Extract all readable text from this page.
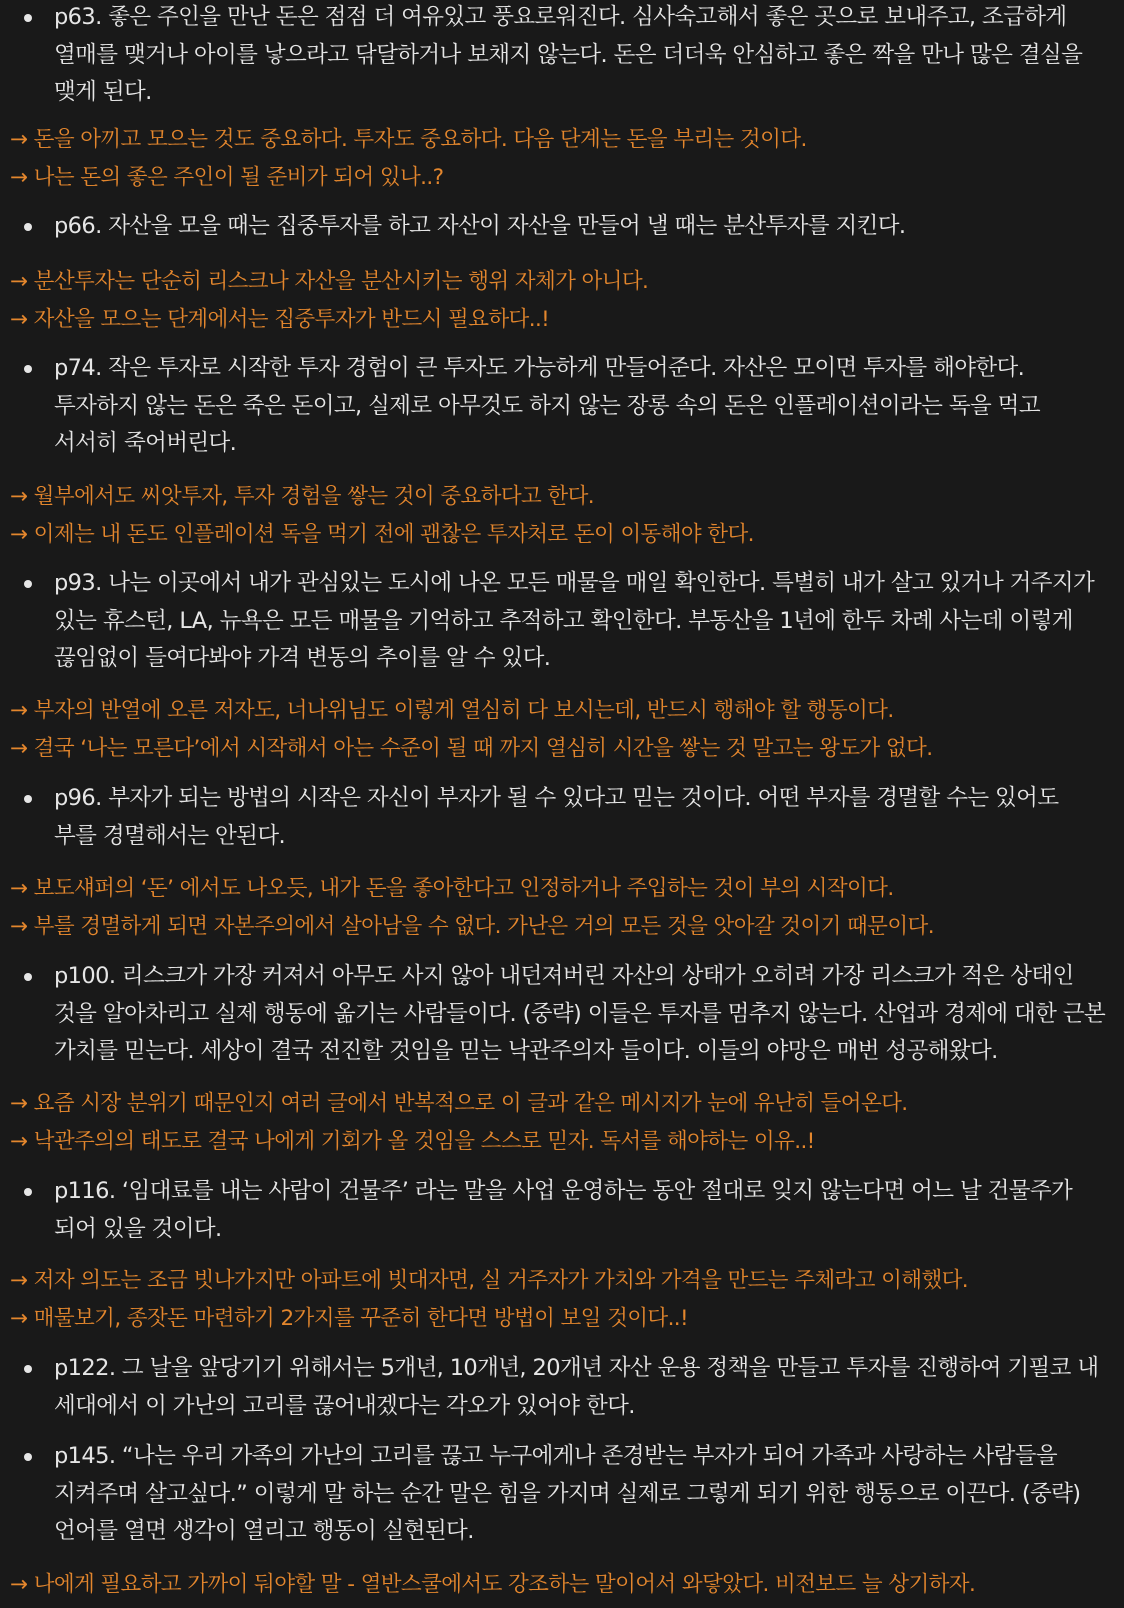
p63. 좋은 주인을 만난 돈은 점점 더 여유있고 풍요로워진다. 심사숙고해서 좋은 곳으로 보내주고, 조급하게 열매를 맺거나 아이를 낳으라고 닦달하거나 보채지 않는다. 돈은 더더욱 안심하고 좋은 짝을 만나 많은 결실을 맺게 된다.
→ 돈을 아끼고 모으는 것도 중요하다. 투자도 중요하다. 다음 단계는 돈을 부리는 것이다.
→ 나는 돈의 좋은 주인이 될 준비가 되어 있나..?
p66. 자산을 모을 때는 집중투자를 하고 자산이 자산을 만들어 낼 때는 분산투자를 지킨다.
→ 분산투자는 단순히 리스크나 자산을 분산시키는 행위 자체가 아니다.
→ 자산을 모으는 단계에서는 집중투자가 반드시 필요하다..!
p74. 작은 투자로 시작한 투자 경험이 큰 투자도 가능하게 만들어준다. 자산은 모이면 투자를 해야한다. 투자하지 않는 돈은 죽은 돈이고, 실제로 아무것도 하지 않는 장롱 속의 돈은 인플레이션이라는 독을 먹고 서서히 죽어버린다.
→ 월부에서도 씨앗투자, 투자 경험을 쌓는 것이 중요하다고 한다.
→ 이제는 내 돈도 인플레이션 독을 먹기 전에 괜찮은 투자처로 돈이 이동해야 한다.
p93. 나는 이곳에서 내가 관심있는 도시에 나온 모든 매물을 매일 확인한다. 특별히 내가 살고 있거나 거주지가 있는 휴스턴, LA, 뉴욕은 모든 매물을 기억하고 추적하고 확인한다. 부동산을 1년에 한두 차례 사는데 이렇게 끊임없이 들여다봐야 가격 변동의 추이를 알 수 있다.
→ 부자의 반열에 오른 저자도, 너나위님도 이렇게 열심히 다 보시는데, 반드시 행해야 할 행동이다.
→ 결국 ‘나는 모른다’에서 시작해서 아는 수준이 될 때 까지 열심히 시간을 쌓는 것 말고는 왕도가 없다.
p96. 부자가 되는 방법의 시작은 자신이 부자가 될 수 있다고 믿는 것이다. 어떤 부자를 경멸할 수는 있어도 부를 경멸해서는 안된다.
→ 보도섀퍼의 ‘돈’ 에서도 나오듯, 내가 돈을 좋아한다고 인정하거나 주입하는 것이 부의 시작이다.
→ 부를 경멸하게 되면 자본주의에서 살아남을 수 없다. 가난은 거의 모든 것을 앗아갈 것이기 때문이다.
p100. 리스크가 가장 커져서 아무도 사지 않아 내던져버린 자산의 상태가 오히려 가장 리스크가 적은 상태인 것을 알아차리고 실제 행동에 옮기는 사람들이다. (중략) 이들은 투자를 멈추지 않는다. 산업과 경제에 대한 근본 가치를 믿는다. 세상이 결국 전진할 것임을 믿는 낙관주의자 들이다. 이들의 야망은 매번 성공해왔다.
→ 요즘 시장 분위기 때문인지 여러 글에서 반복적으로 이 글과 같은 메시지가 눈에 유난히 들어온다.
→ 낙관주의의 태도로 결국 나에게 기회가 올 것임을 스스로 믿자. 독서를 해야하는 이유..!
p116. ‘임대료를 내는 사람이 건물주’ 라는 말을 사업 운영하는 동안 절대로 잊지 않는다면 어느 날 건물주가 되어 있을 것이다.
→ 저자 의도는 조금 빗나가지만 아파트에 빗대자면, 실 거주자가 가치와 가격을 만드는 주체라고 이해했다.
→ 매물보기, 종잣돈 마련하기 2가지를 꾸준히 한다면 방법이 보일 것이다..!
p122. 그 날을 앞당기기 위해서는 5개년, 10개년, 20개년 자산 운용 정책을 만들고 투자를 진행하여 기필코 내 세대에서 이 가난의 고리를 끊어내겠다는 각오가 있어야 한다.
p145. “나는 우리 가족의 가난의 고리를 끊고 누구에게나 존경받는 부자가 되어 가족과 사랑하는 사람들을 지켜주며 살고싶다.” 이렇게 말 하는 순간 말은 힘을 가지며 실제로 그렇게 되기 위한 행동으로 이끈다. (중략) 언어를 열면 생각이 열리고 행동이 실현된다.
→ 나에게 필요하고 가까이 둬야할 말 - 열반스쿨에서도 강조하는 말이어서 와닿았다. 비전보드 늘 상기하자.
